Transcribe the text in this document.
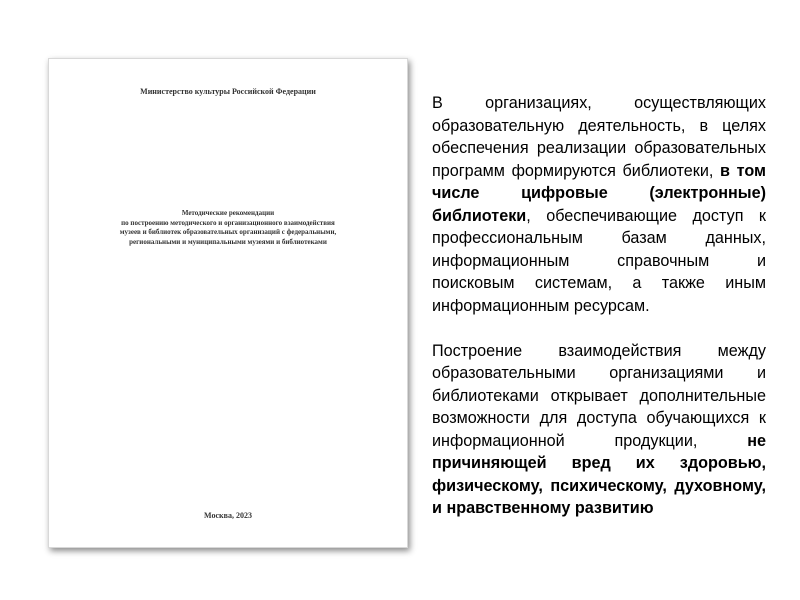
Министерство культуры Российской Федерации
Методические рекомендации
по построению методического и организационного взаимодействия
музеев и библиотек образовательных организаций с федеральными,
региональными и муниципальными музеями и библиотеками
Москва, 2023

В организациях, осуществляющих образовательную деятельность, в целях обеспечения реализации образовательных программ формируются библиотеки, в том числе цифровые (электронные) библиотеки, обеспечивающие доступ к профессиональным базам данных, информационным справочным и поисковым системам, а также иным информационным ресурсам.

Построение взаимодействия между образовательными организациями и библиотеками открывает дополнительные возможности для доступа обучающихся к информационной продукции, не причиняющей вред их здоровью, физическому, психическому, духовному, и нравственному развитию
